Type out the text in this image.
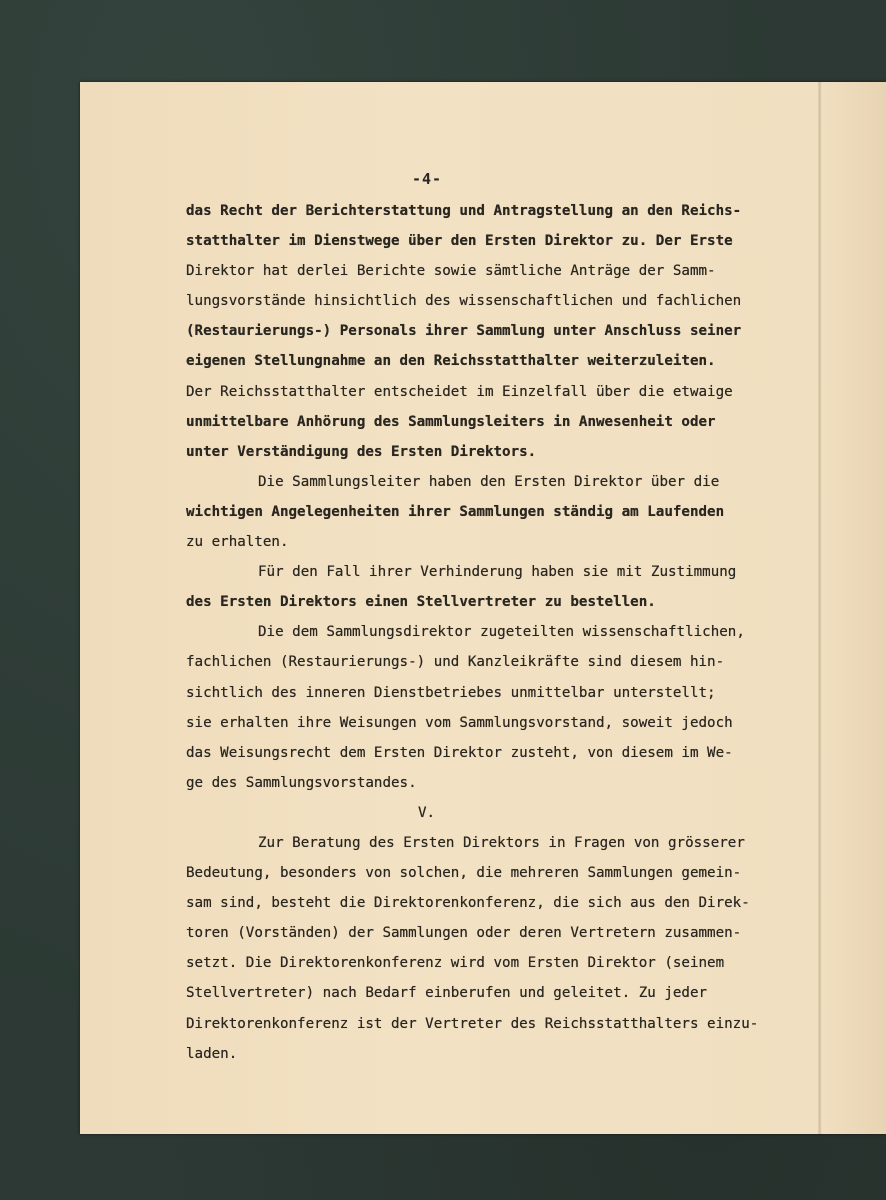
-4-
das Recht der Berichterstattung und Antragstellung an den Reichs-
statthalter im Dienstwege über den Ersten Direktor zu. Der Erste
Direktor hat derlei Berichte sowie sämtliche Anträge der Samm-
lungsvorstände hinsichtlich des wissenschaftlichen und fachlichen
(Restaurierungs-) Personals ihrer Sammlung unter Anschluss seiner
eigenen Stellungnahme an den Reichsstatthalter weiterzuleiten.
Der Reichsstatthalter entscheidet im Einzelfall über die etwaige
unmittelbare Anhörung des Sammlungsleiters in Anwesenheit oder
unter Verständigung des Ersten Direktors.
Die Sammlungsleiter haben den Ersten Direktor über die
wichtigen Angelegenheiten ihrer Sammlungen ständig am Laufenden
zu erhalten.
Für den Fall ihrer Verhinderung haben sie mit Zustimmung
des Ersten Direktors einen Stellvertreter zu bestellen.
Die dem Sammlungsdirektor zugeteilten wissenschaftlichen,
fachlichen (Restaurierungs-) und Kanzleikräfte sind diesem hin-
sichtlich des inneren Dienstbetriebes unmittelbar unterstellt;
sie erhalten ihre Weisungen vom Sammlungsvorstand, soweit jedoch
das Weisungsrecht dem Ersten Direktor zusteht, von diesem im We-
ge des Sammlungsvorstandes.
V.
Zur Beratung des Ersten Direktors in Fragen von grösserer
Bedeutung, besonders von solchen, die mehreren Sammlungen gemein-
sam sind, besteht die Direktorenkonferenz, die sich aus den Direk-
toren (Vorständen) der Sammlungen oder deren Vertretern zusammen-
setzt. Die Direktorenkonferenz wird vom Ersten Direktor (seinem
Stellvertreter) nach Bedarf einberufen und geleitet. Zu jeder
Direktorenkonferenz ist der Vertreter des Reichsstatthalters einzu-
laden.
